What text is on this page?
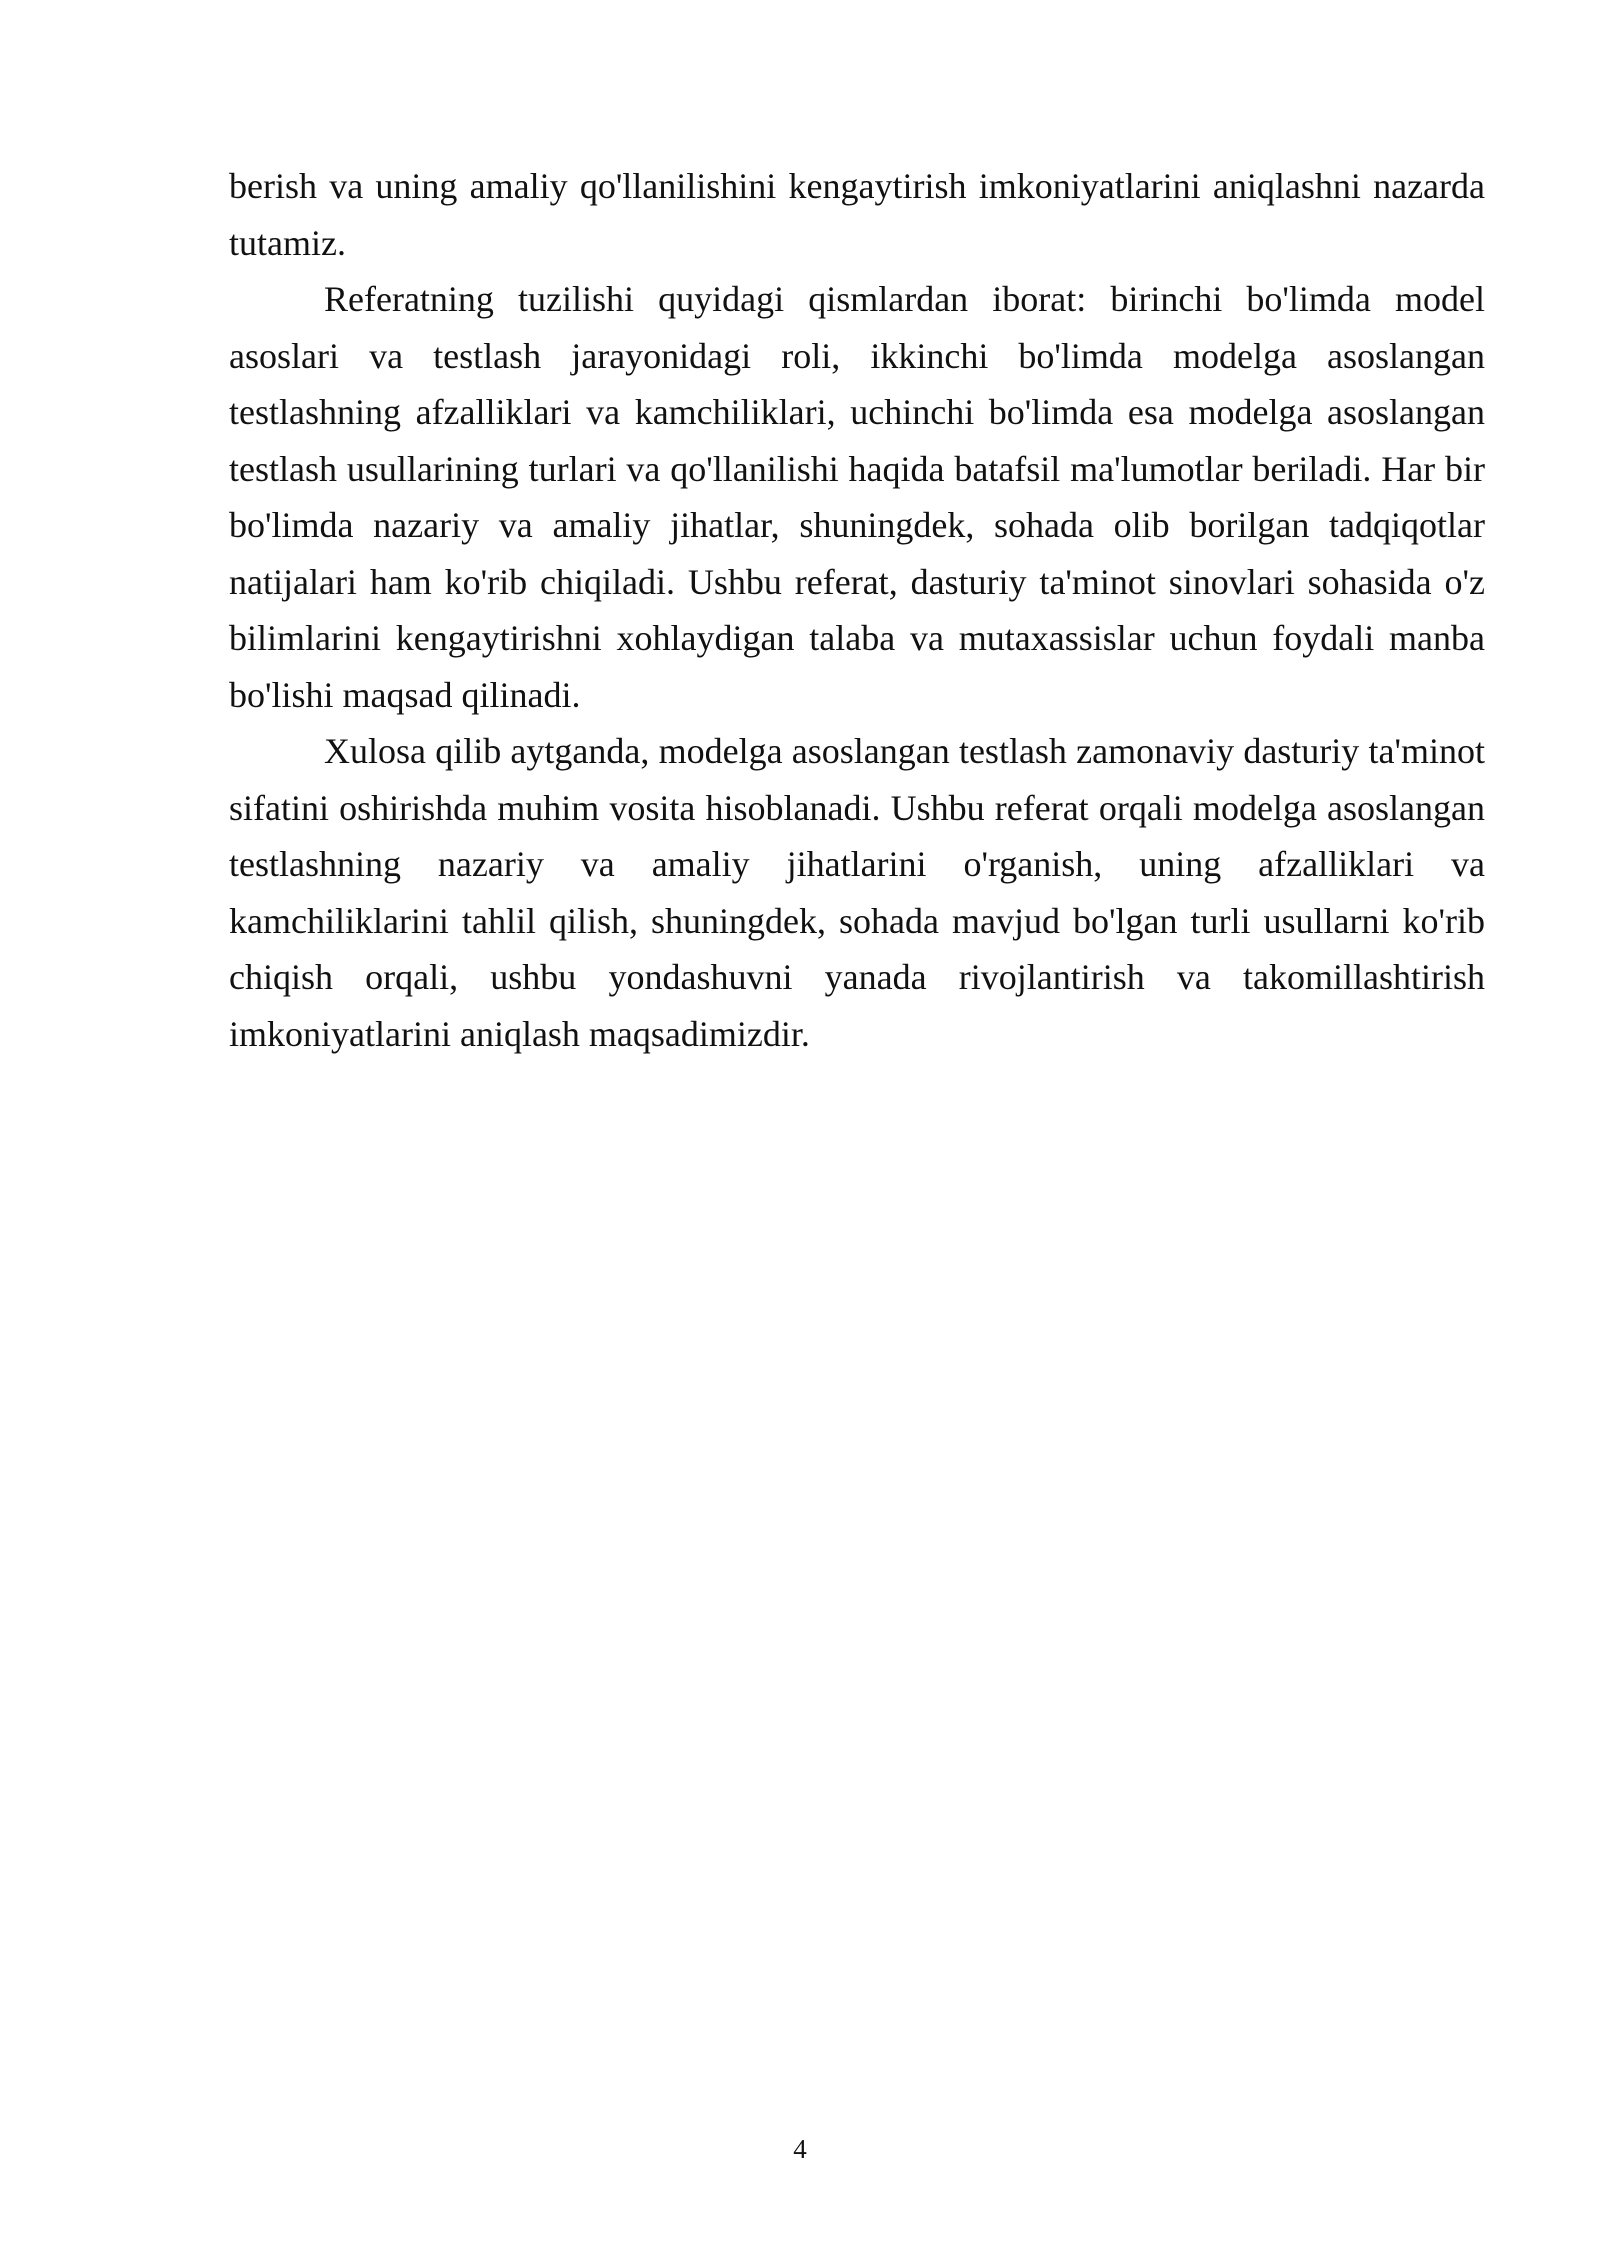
berish va uning amaliy qo'llanilishini kengaytirish imkoniyatlarini aniqlashni nazarda tutamiz.

Referatning tuzilishi quyidagi qismlardan iborat: birinchi bo'limda model asoslari va testlash jarayonidagi roli, ikkinchi bo'limda modelga asoslangan testlashning afzalliklari va kamchiliklari, uchinchi bo'limda esa modelga asoslangan testlash usullarining turlari va qo'llanilishi haqida batafsil ma'lumotlar beriladi. Har bir bo'limda nazariy va amaliy jihatlar, shuningdek, sohada olib borilgan tadqiqotlar natijalari ham ko'rib chiqiladi. Ushbu referat, dasturiy ta'minot sinovlari sohasida o'z bilimlarini kengaytirishni xohlaydigan talaba va mutaxassislar uchun foydali manba bo'lishi maqsad qilinadi.

Xulosa qilib aytganda, modelga asoslangan testlash zamonaviy dasturiy ta'minot sifatini oshirishda muhim vosita hisoblanadi. Ushbu referat orqali modelga asoslangan testlashning nazariy va amaliy jihatlarini o'rganish, uning afzalliklari va kamchiliklarini tahlil qilish, shuningdek, sohada mavjud bo'lgan turli usullarni ko'rib chiqish orqali, ushbu yondashuvni yanada rivojlantirish va takomillashtirish imkoniyatlarini aniqlash maqsadimizdir.

4
